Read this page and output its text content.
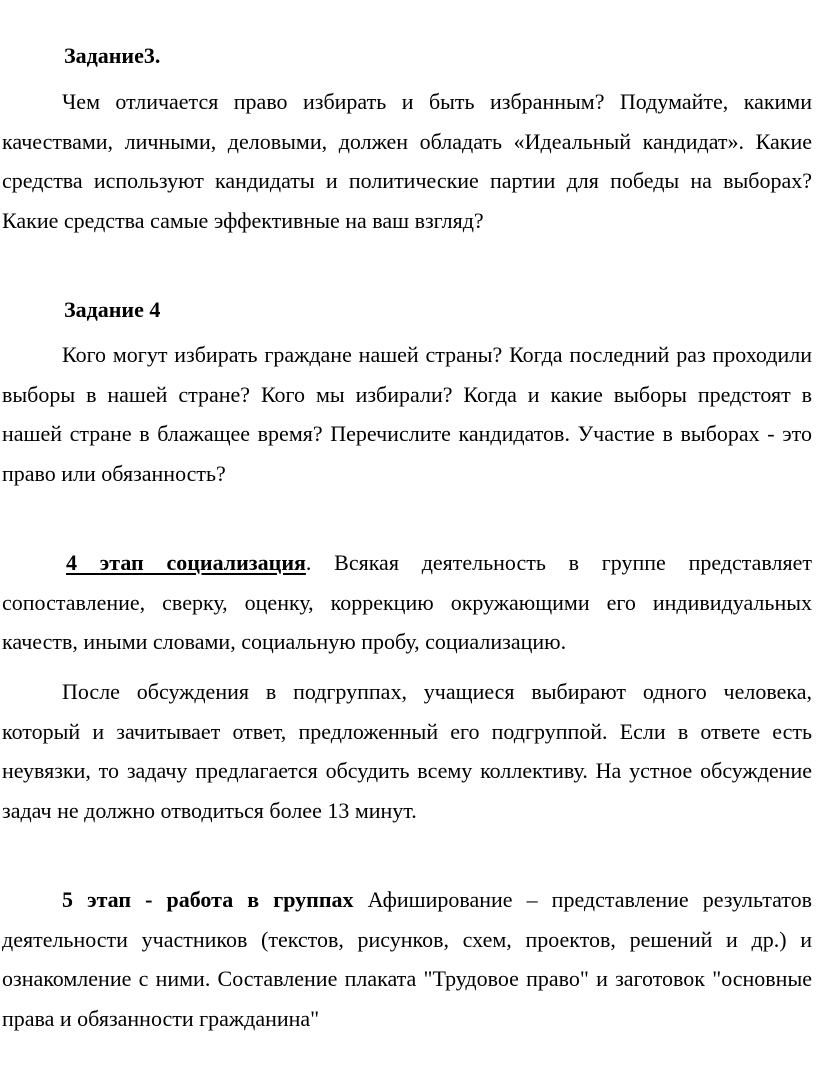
Задание3.

Чем отличается право избирать и быть избранным? Подумайте, какими качествами, личными, деловыми, должен обладать «Идеальный кандидат». Какие средства используют кандидаты и политические партии для победы на выборах? Какие средства самые эффективные на ваш взгляд?

Задание 4

Кого могут избирать граждане нашей страны? Когда последний раз проходили выборы в нашей стране? Кого мы избирали? Когда и какие выборы предстоят в нашей стране в блажащее время? Перечислите кандидатов. Участие в выборах - это право или обязанность?

4 этап социализация. Всякая деятельность в группе представляет сопоставление, сверку, оценку, коррекцию окружающими его индивидуальных качеств, иными словами, социальную пробу, социализацию.

После обсуждения в подгруппах, учащиеся выбирают одного человека, который и зачитывает ответ, предложенный его подгруппой. Если в ответе есть неувязки, то задачу предлагается обсудить всему коллективу. На устное обсуждение задач не должно отводиться более 13 минут.

5 этап - работа в группах Афиширование – представление результатов деятельности участников (текстов, рисунков, схем, проектов, решений и др.) и ознакомление с ними. Составление плаката "Трудовое право" и заготовок "основные права и обязанности гражданина"
